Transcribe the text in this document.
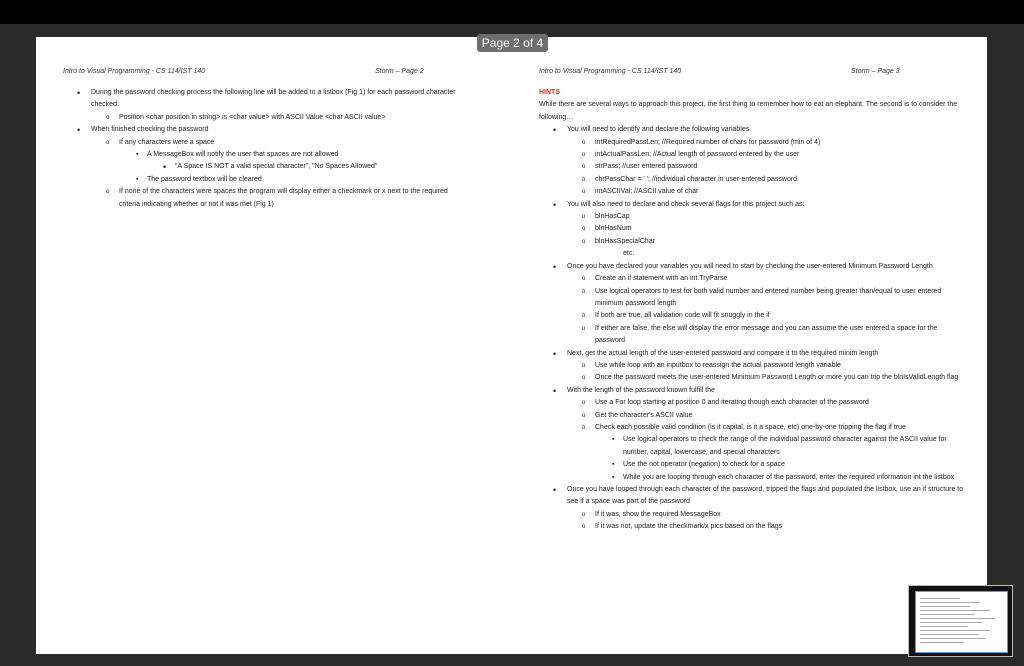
Page 2 of 4
Intro to Visual Programming - CS 114/IST 140	Storm – Page 2
• During the password checking process the following line will be added to a listbox (Fig 1) for each password character checked:
o Position <char position in string> is <char value> with ASCII Value <char ASCII value>
• When finished checking the password
o If any characters were a space
▪ A MessageBox will notify the user that spaces are not allowed
• "A Space IS NOT a valid special character", "No Spaces Allowed"
▪ The password textbox will be cleared
o If none of the characters were spaces the program will display either a checkmark or x next to the required criteria indicating whether or not it was met (Fig 1)
Intro to Visual Programming - CS 114/IST 140	Storm – Page 3
HINTS
While there are several ways to approach this project, the first thing to remember how to eat an elephant. The second is to consider the following…
• You will need to identify and declare the following variables
o intRequiredPassLen; //Required number of chars for password (min of 4)
o intActualPassLen; //Actual length of password entered by the user
o strPass; //user entered password
o chrPassChar = ' '; //individual character in user-entered password
o intASCIIVal; //ASCII value of char
• You will also need to declare and check several flags for this project such as:
o blnHasCap
o blnHasNum
o blnHasSpecialChar
etc.
• Once you have declared your variables you will need to start by checking the user-entered Minimum Password Length
o Create an if statement with an int.TryParse
o Use logical operators to test for both valid number and entered number being greater than/equal to user entered minimum password length
o If both are true, all validation code will fit snuggly in the if
o If either are false, the else will display the error message and you can assume the user entered a space for the password
• Next, get the actual length of the user-entered password and compare it to the required minim length
o Use while loop with an inputbox to reassign the actual password length variable
o Once the password meets the user-entered Minimum Password Length or more you can trip the blnIsValidLength flag
• With the length of the password known fulfill the
o Use a For loop starting at position 0 and iterating though each character of the password
o Get the character's ASCII value
o Check each possible valid condition (is it capital, is it a space, etc) one-by-one tripping the flag if true
▪ Use logical operators to check the range of the individual password character against the ASCII value for number, capital, lowercase, and special characters
▪ Use the not operator (negation) to check for a space
▪ While you are looping through each character of the password, enter the required information int the listbox
• Once you have looped through each character of the password, tripped the flags and populated the listbox, use an if structure to see if a space was part of the password
o If it was, show the required MessageBox
o If it was not, update the checkmark/x pics based on the flags
